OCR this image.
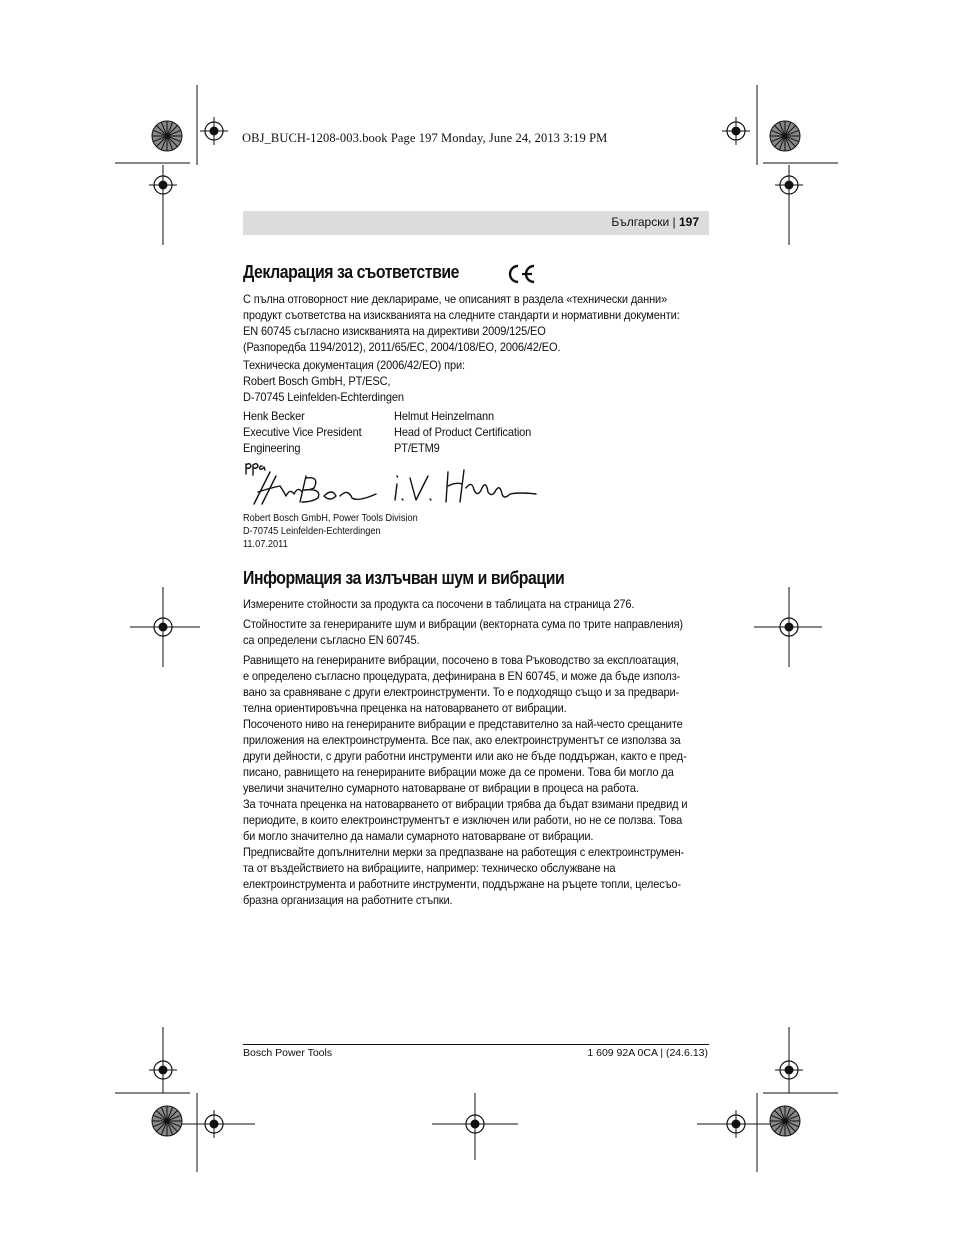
OBJ_BUCH-1208-003.book Page 197 Monday, June 24, 2013 3:19 PM
Български | 197
Декларация за съответствие
С пълна отговорност ние декларираме, че описаният в раздела «технически данни»
продукт съответства на изискванията на следните стандарти и нормативни документи:
EN 60745 съгласно изискванията на директиви 2009/125/ЕО
(Разпоредба 1194/2012), 2011/65/ЕС, 2004/108/ЕО, 2006/42/ЕО.
Техническа документация (2006/42/ЕО) при:
Robert Bosch GmbH, PT/ESC,
D-70745 Leinfelden-Echterdingen
Henk Becker
Executive Vice President
Engineering
Helmut Heinzelmann
Head of Product Certification
PT/ETM9
Robert Bosch GmbH, Power Tools Division
D-70745 Leinfelden-Echterdingen
11.07.2011
Информация за излъчван шум и вибрации
Измерените стойности за продукта са посочени в таблицата на страница 276.
Стойностите за генерираните шум и вибрации (векторната сума по трите направления)
са определени съгласно EN 60745.
Равнището на генерираните вибрации, посочено в това Ръководство за експлоатация,
е определено съгласно процедурата, дефинирана в EN 60745, и може да бъде използ-
вано за сравняване с други електроинструменти. То е подходящо също и за предвари-
телна ориентировъчна преценка на натоварването от вибрации.
Посоченото ниво на генерираните вибрации е представително за най-често срещаните
приложения на електроинструмента. Все пак, ако електроинструментът се използва за
други дейности, с други работни инструменти или ако не бъде поддържан, както е пред-
писано, равнището на генерираните вибрации може да се промени. Това би могло да
увеличи значително сумарното натоварване от вибрации в процеса на работа.
За точната преценка на натоварването от вибрации трябва да бъдат взимани предвид и
периодите, в които електроинструментът е изключен или работи, но не се ползва. Това
би могло значително да намали сумарното натоварване от вибрации.
Предписвайте допълнителни мерки за предпазване на работещия с електроинструмен-
та от въздействието на вибрациите, например: техническо обслужване на
електроинструмента и работните инструменти, поддържане на ръцете топли, целесъо-
бразна организация на работните стъпки.
Bosch Power Tools	1 609 92A 0CA | (24.6.13)
